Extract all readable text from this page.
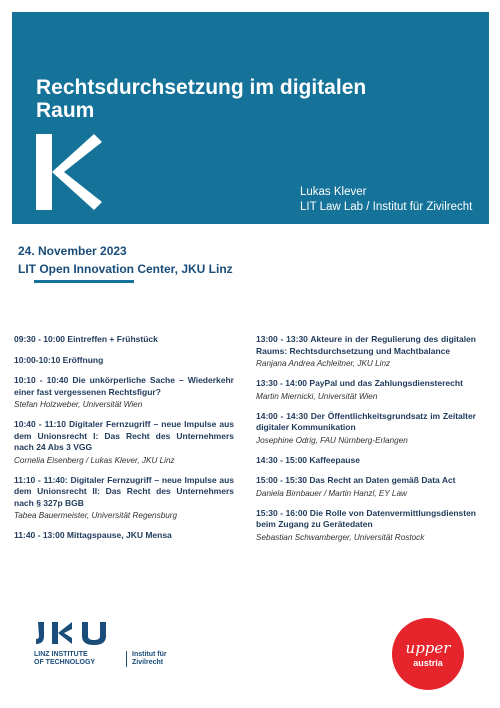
Rechtsdurchsetzung im digitalen
Raum
Lukas Klever
LIT Law Lab / Institut für Zivilrecht
24. November 2023
LIT Open Innovation Center, JKU Linz
09:30 - 10:00 Eintreffen + Frühstück
10:00-10:10 Eröffnung
10:10 - 10:40 Die unkörperliche Sache – Wiederkehr einer fast vergessenen Rechtsfigur?
Stefan Holzweber, Universität Wien
10:40 - 11:10 Digitaler Fernzugriff – neue Impulse aus dem Unionsrecht I: Das Recht des Unternehmers nach 24 Abs 3 VGG
Cornelia Eisenberg / Lukas Klever, JKU Linz
11:10 - 11:40: Digitaler Fernzugriff – neue Impulse aus dem Unionsrecht II: Das Recht des Unternehmers nach § 327p BGB
Tabea Bauermeister, Universität Regensburg
11:40 - 13:00 Mittagspause, JKU Mensa
13:00 - 13:30 Akteure in der Regulierung des digitalen Raums: Rechtsdurchsetzung und Machtbalance
Ranjana Andrea Achleitner, JKU Linz
13:30 - 14:00 PayPal und das Zahlungsdiensterecht
Martin Miernicki, Universität Wien
14:00 - 14:30 Der Öffentlichkeitsgrundsatz im Zeitalter digitaler Kommunikation
Josephine Odrig, FAU Nürnberg-Erlangen
14:30 - 15:00 Kaffeepause
15:00 - 15:30 Das Recht an Daten gemäß Data Act
Daniela Birnbauer / Martin Hanzl, EY Law
15:30 - 16:00 Die Rolle von Datenvermittlungsdiensten beim Zugang zu Gerätedaten
Sebastian Schwamberger, Universität Rostock
LINZ INSTITUTE
OF TECHNOLOGY
Institut für
Zivilrecht
upper
austria
